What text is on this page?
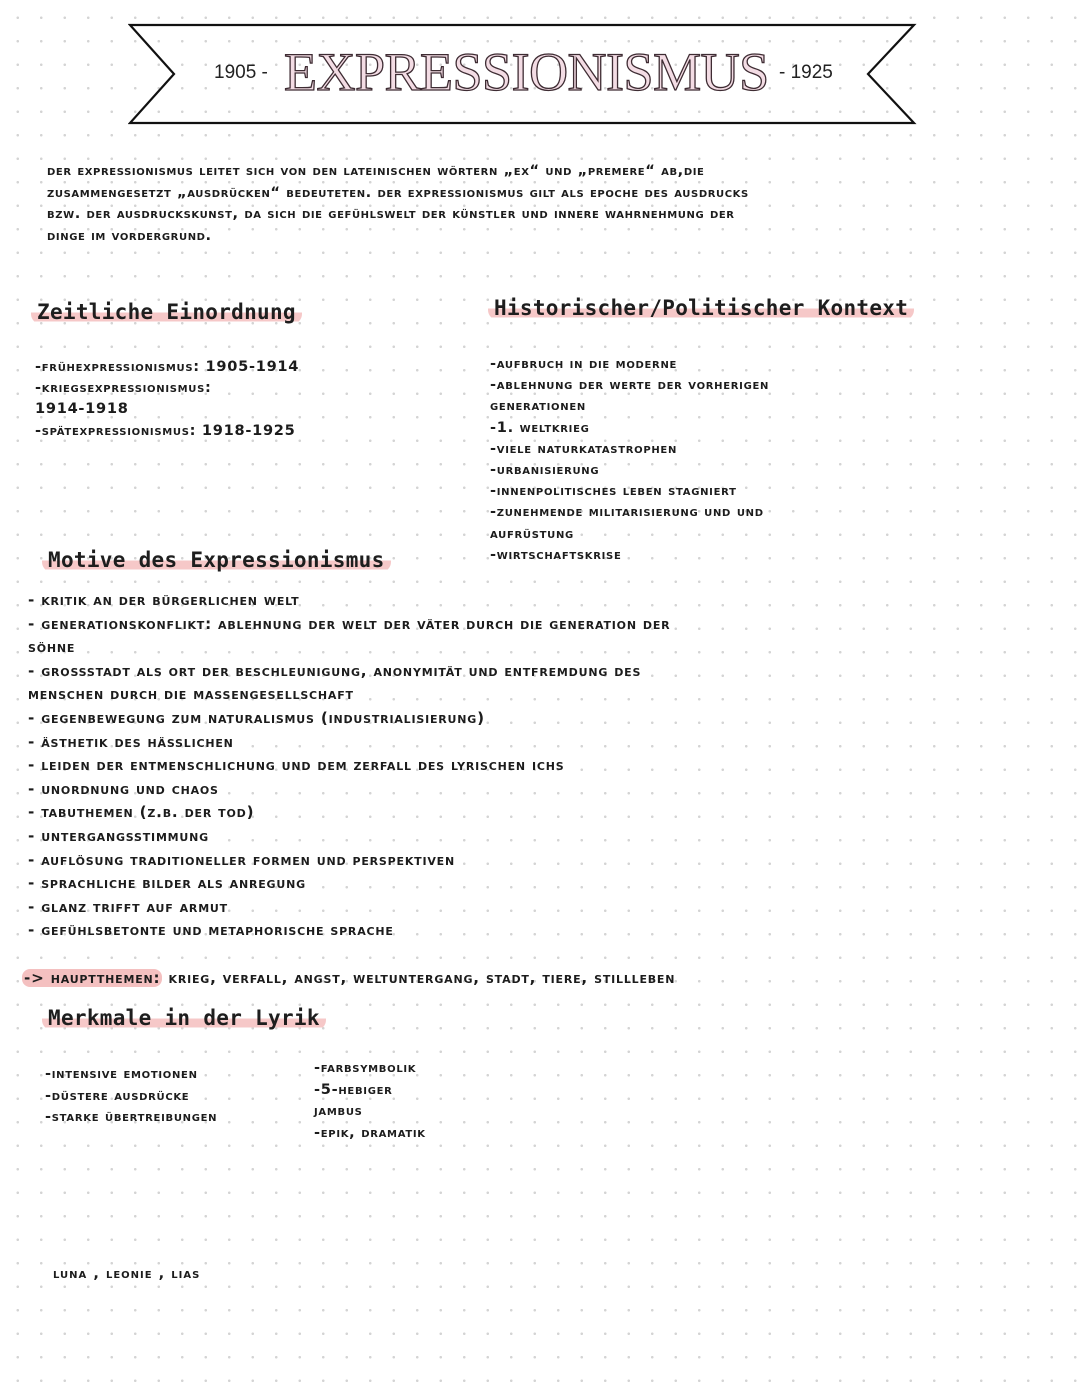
1905 - EXPRESSIONISMUS - 1925

der expressionismus leitet sich von den lateinischen wörtern „ex“ und „premere“ ab,die

zusammengesetzt „ausdrücken“ bedeuteten. der expressionismus gilt als epoche des ausdrucks

bzw. der ausdruckskunst, da sich die gefühlswelt der künstler und innere wahrnehmung der

dinge im vordergrund.

Zeitliche Einordnung
-frühexpressionismus: 1905-1914
-kriegsexpressionismus:
1914-1918
-spätexpressionismus: 1918-1925
Historischer/Politischer Kontext
-aufbruch in die moderne
-ablehnung der werte der vorherigen
generationen
-1. weltkrieg
-viele naturkatastrophen
-urbanisierung
-innenpolitisches leben stagniert
-zunehmende militarisierung und und
aufrüstung
-wirtschaftskrise
Motive des Expressionismus
- kritik an der bürgerlichen welt
- generationskonflikt: ablehnung der welt der väter durch die generation der
söhne
- grossstadt als ort der beschleunigung, anonymität und entfremdung des
menschen durch die massengesellschaft
- gegenbewegung zum naturalismus (industrialisierung)
- ästhetik des hässlichen
- leiden der entmenschlichung und dem zerfall des lyrischen ichs
- unordnung und chaos
- tabuthemen (z.b. der tod)
- untergangsstimmung
- auflösung traditioneller formen und perspektiven
- sprachliche bilder als anregung
- glanz trifft auf armut
- gefühlsbetonte und metaphorische sprache
-> hauptthemen: krieg, verfall, angst, weltuntergang, stadt, tiere, stillleben
Merkmale in der Lyrik
-intensive emotionen
-düstere ausdrücke
-starke übertreibungen
-farbsymbolik
-5-hebiger
jambus
-epik, dramatik
luna , leonie , lias
